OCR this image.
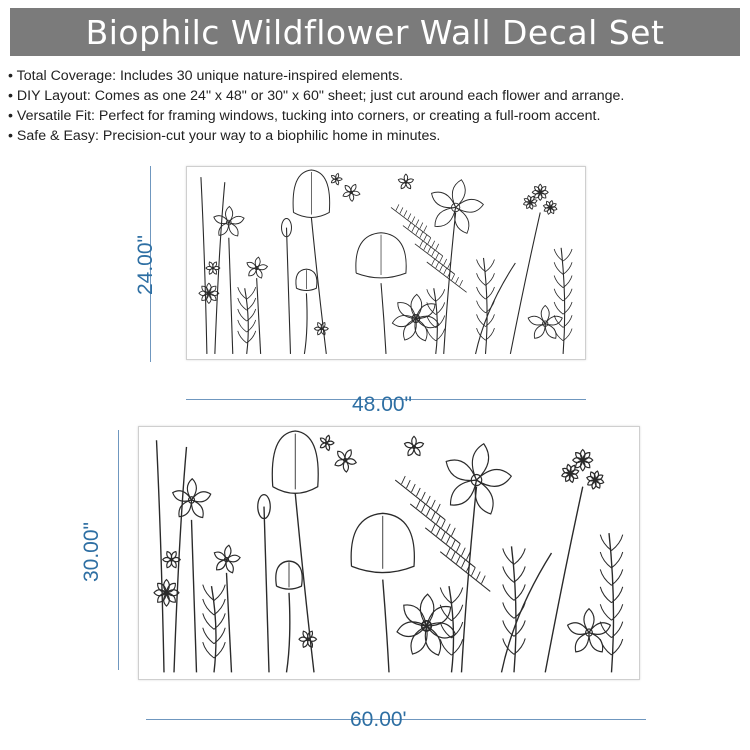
Biophilc Wildflower Wall Decal Set
• Total Coverage: Includes 30 unique nature-inspired elements.
• DIY Layout: Comes as one 24" x 48" or 30" x 60" sheet; just cut around each flower and arrange.
• Versatile Fit: Perfect for framing windows, tucking into corners, or creating a full-room accent.
• Safe & Easy: Precision-cut your way to a biophilic home in minutes.
24.00"
48.00"
30.00"
60.00'
